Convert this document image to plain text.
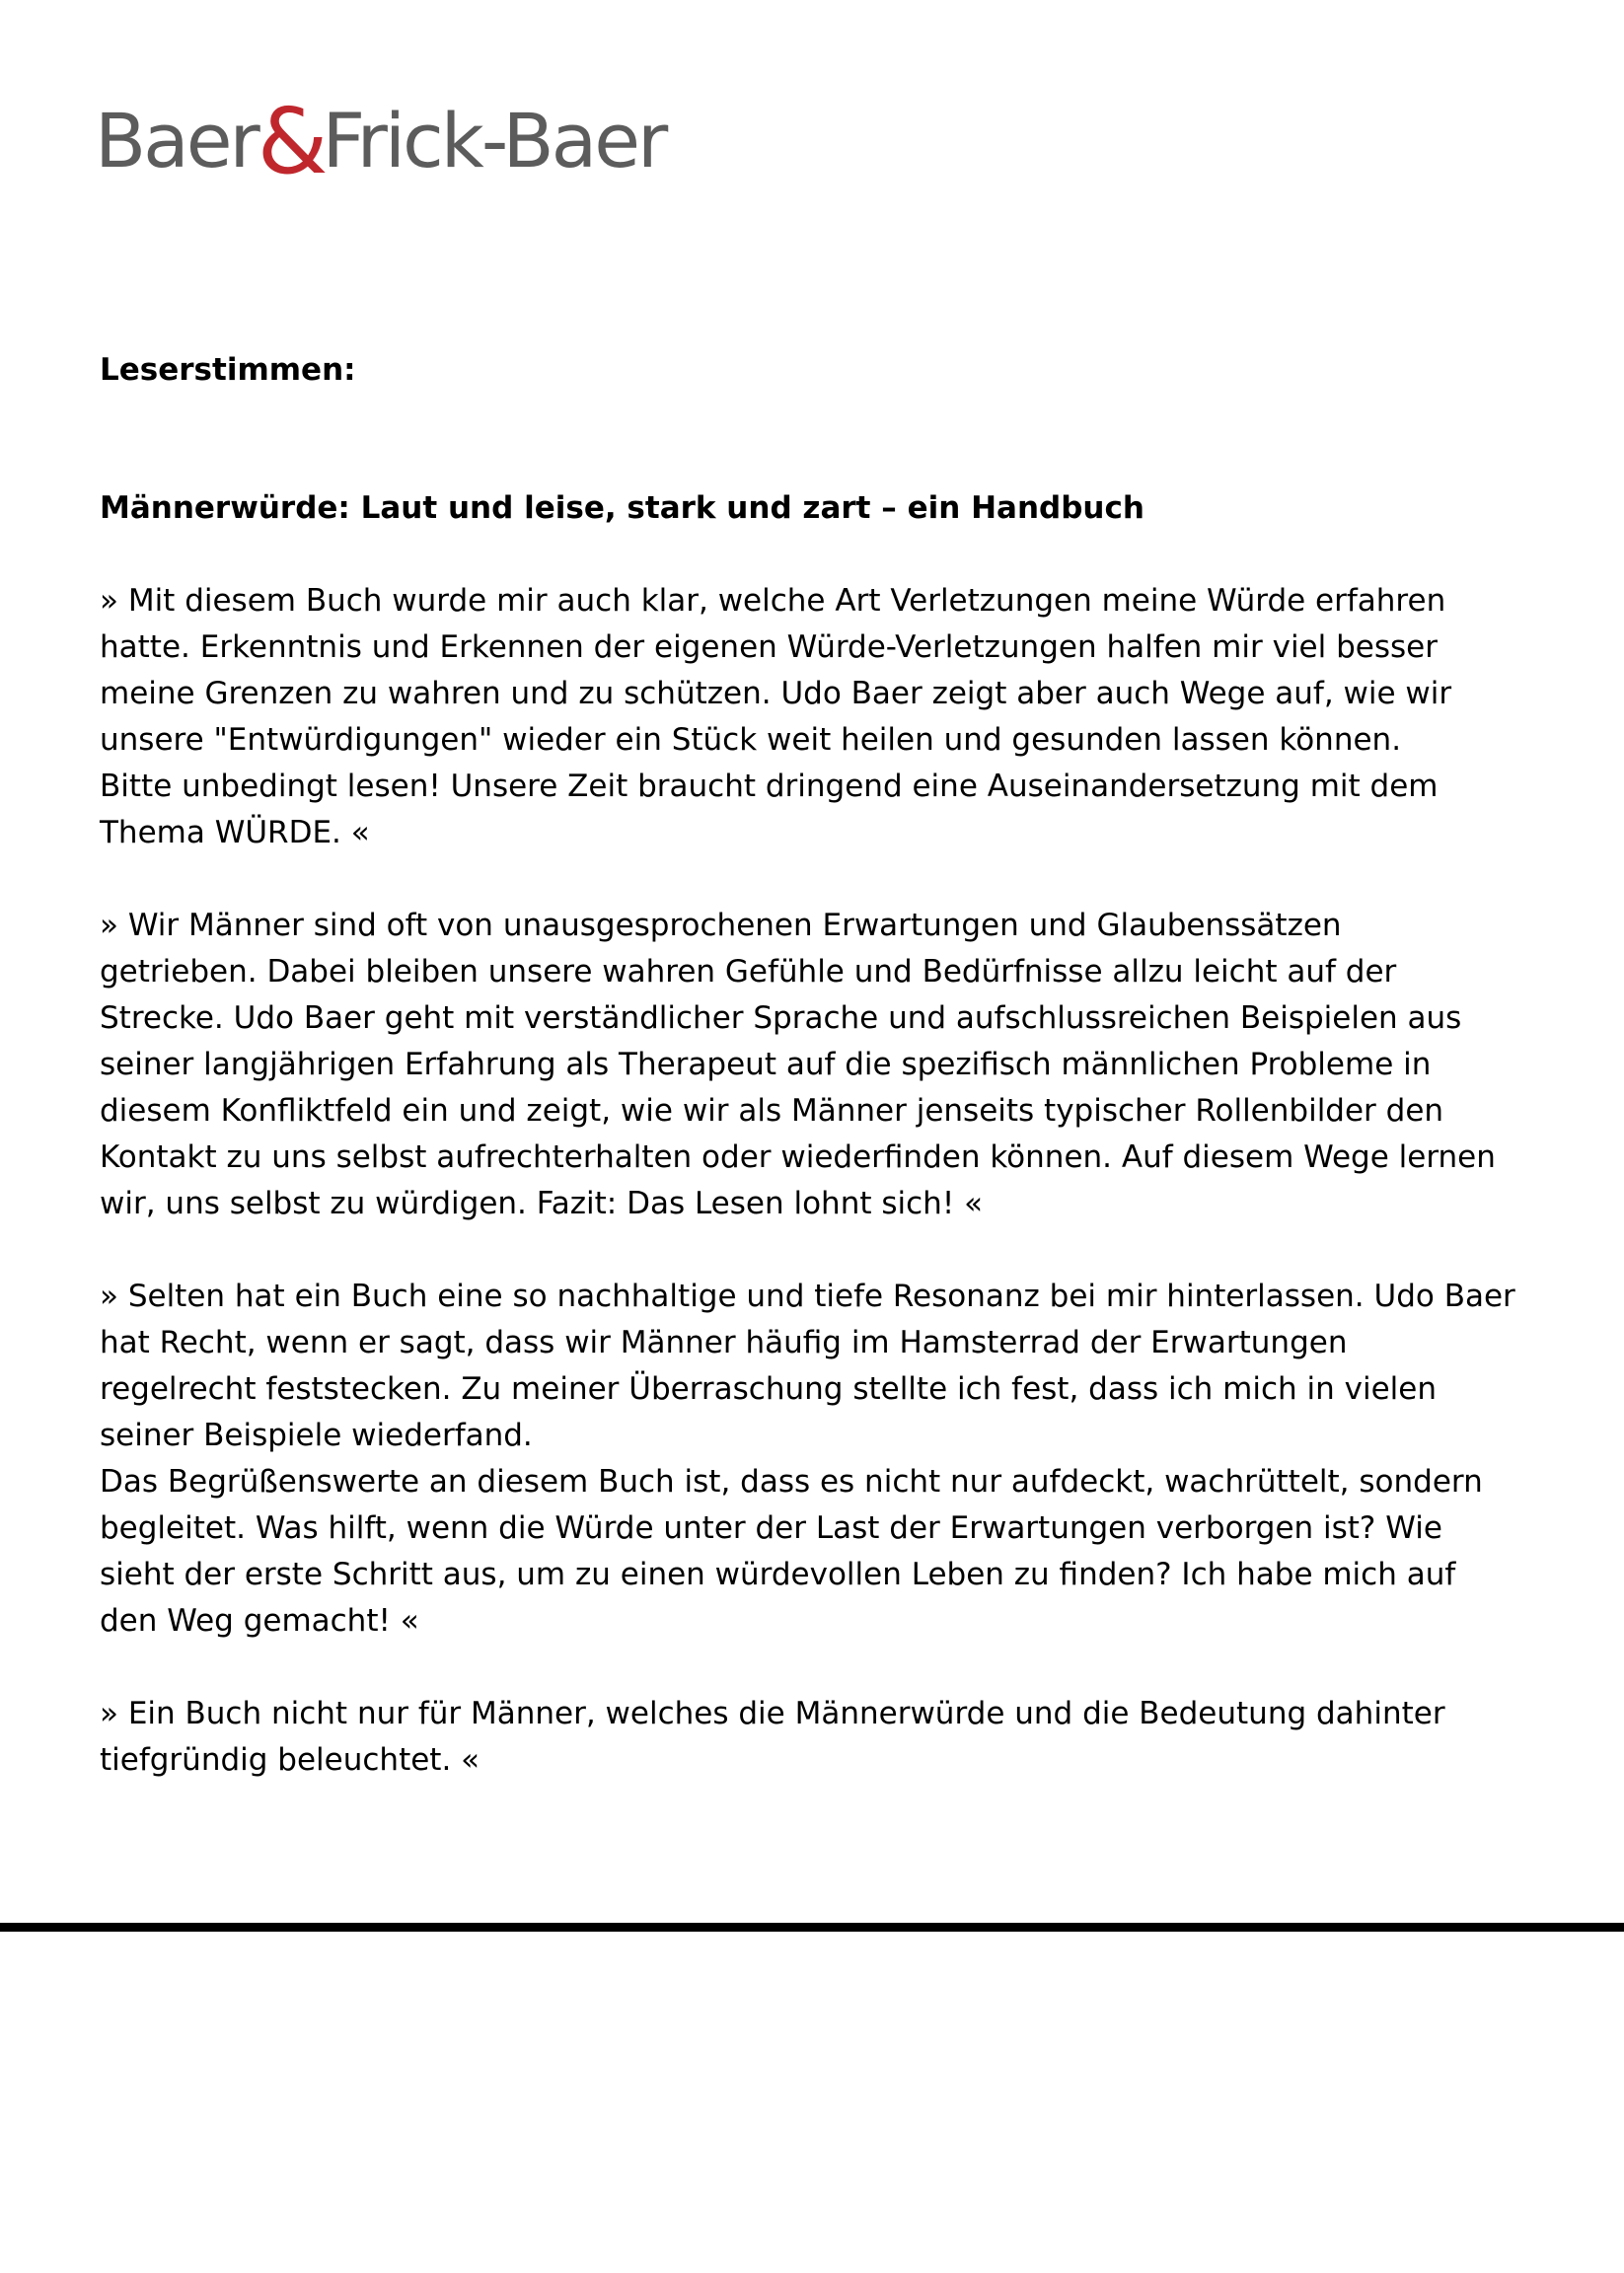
Baer&Frick-Baer
Leserstimmen:
Männerwürde: Laut und leise, stark und zart – ein Handbuch
» Mit diesem Buch wurde mir auch klar, welche Art Verletzungen meine Würde erfahren
hatte. Erkenntnis und Erkennen der eigenen Würde-Verletzungen halfen mir viel besser
meine Grenzen zu wahren und zu schützen. Udo Baer zeigt aber auch Wege auf, wie wir
unsere "Entwürdigungen" wieder ein Stück weit heilen und gesunden lassen können.
Bitte unbedingt lesen! Unsere Zeit braucht dringend eine Auseinandersetzung mit dem
Thema WÜRDE. «
» Wir Männer sind oft von unausgesprochenen Erwartungen und Glaubenssätzen
getrieben. Dabei bleiben unsere wahren Gefühle und Bedürfnisse allzu leicht auf der
Strecke. Udo Baer geht mit verständlicher Sprache und aufschlussreichen Beispielen aus
seiner langjährigen Erfahrung als Therapeut auf die spezifisch männlichen Probleme in
diesem Konfliktfeld ein und zeigt, wie wir als Männer jenseits typischer Rollenbilder den
Kontakt zu uns selbst aufrechterhalten oder wiederfinden können. Auf diesem Wege lernen
wir, uns selbst zu würdigen. Fazit: Das Lesen lohnt sich! «
» Selten hat ein Buch eine so nachhaltige und tiefe Resonanz bei mir hinterlassen. Udo Baer
hat Recht, wenn er sagt, dass wir Männer häufig im Hamsterrad der Erwartungen
regelrecht feststecken. Zu meiner Überraschung stellte ich fest, dass ich mich in vielen
seiner Beispiele wiederfand.
Das Begrüßenswerte an diesem Buch ist, dass es nicht nur aufdeckt, wachrüttelt, sondern
begleitet. Was hilft, wenn die Würde unter der Last der Erwartungen verborgen ist? Wie
sieht der erste Schritt aus, um zu einen würdevollen Leben zu finden? Ich habe mich auf
den Weg gemacht! «
» Ein Buch nicht nur für Männer, welches die Männerwürde und die Bedeutung dahinter
tiefgründig beleuchtet. «
